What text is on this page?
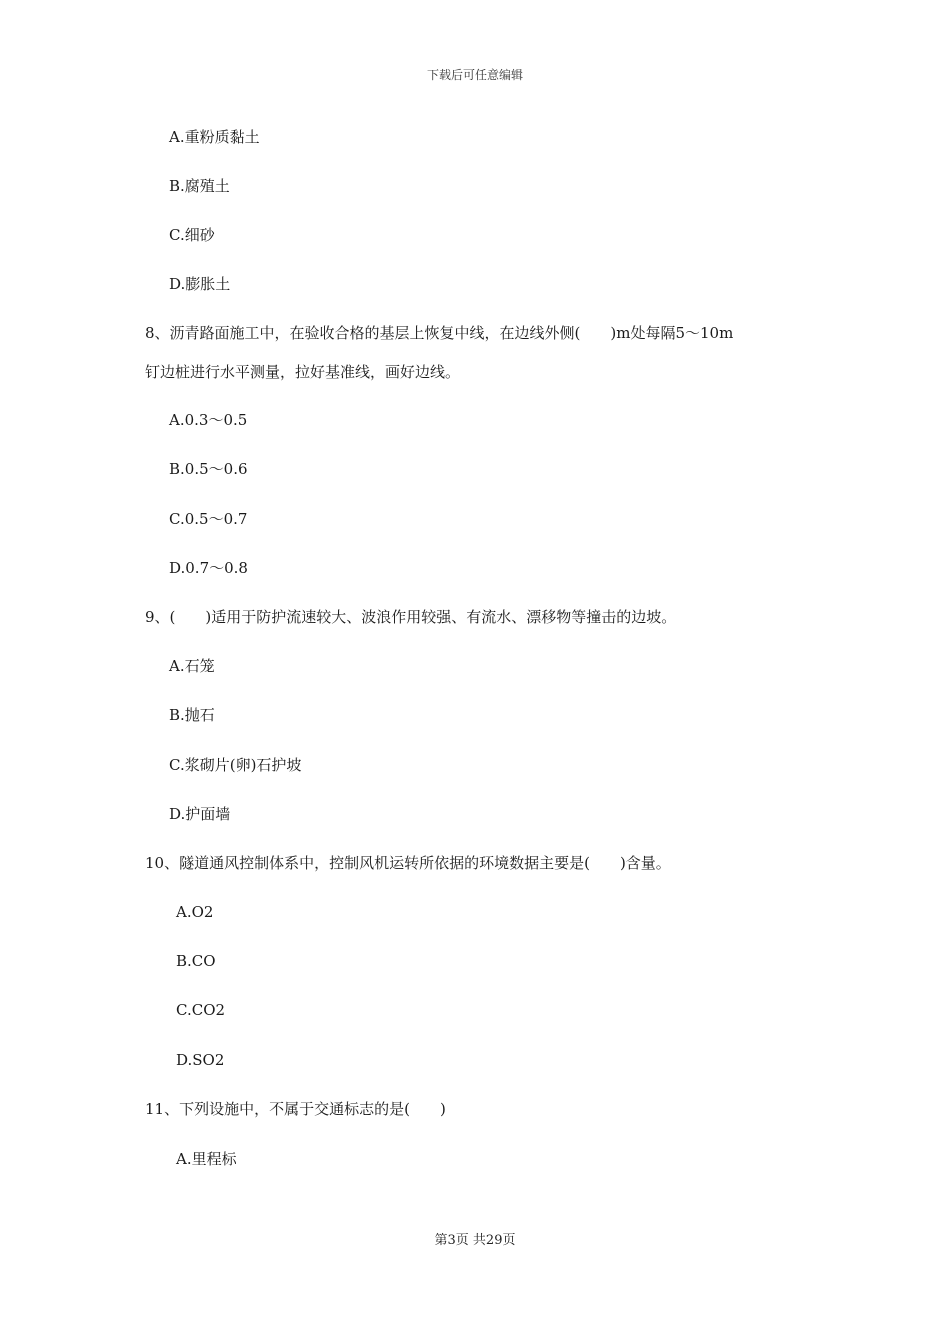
下载后可任意编辑
A.重粉质黏土
B.腐殖土
C.细砂
D.膨胀土
8、沥青路面施工中，在验收合格的基层上恢复中线，在边线外侧(　　)m处每隔5～10m
钉边桩进行水平测量，拉好基准线，画好边线。
A.0.3～0.5
B.0.5～0.6
C.0.5～0.7
D.0.7～0.8
9、(　　)适用于防护流速较大、波浪作用较强、有流水、漂移物等撞击的边坡。
A.石笼
B.抛石
C.浆砌片(卵)石护坡
D.护面墙
10、隧道通风控制体系中，控制风机运转所依据的环境数据主要是(　　)含量。
A.O2
B.CO
C.CO2
D.SO2
11、下列设施中，不属于交通标志的是(　　)
A.里程标
第3页 共29页
